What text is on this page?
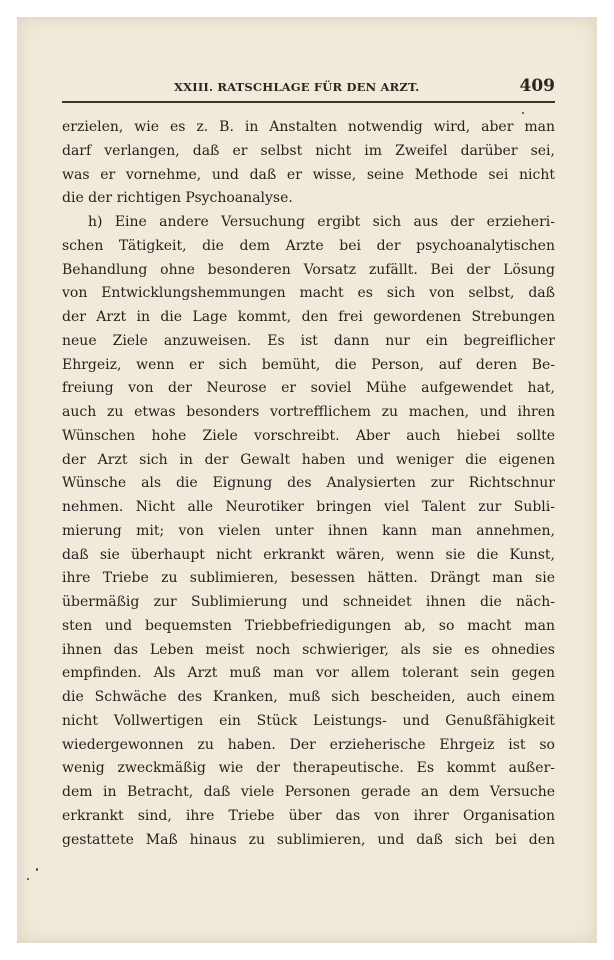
XXIII. RATSCHLAGE FÜR DEN ARZT.	409
erzielen, wie es z. B. in Anstalten notwendig wird, aber man
darf verlangen, daß er selbst nicht im Zweifel darüber sei,
was er vornehme, und daß er wisse, seine Methode sei nicht
die der richtigen Psychoanalyse.
h) Eine andere Versuchung ergibt sich aus der erzieheri-
schen Tätigkeit, die dem Arzte bei der psychoanalytischen
Behandlung ohne besonderen Vorsatz zufällt. Bei der Lösung
von Entwicklungshemmungen macht es sich von selbst, daß
der Arzt in die Lage kommt, den frei gewordenen Strebungen
neue Ziele anzuweisen. Es ist dann nur ein begreiflicher
Ehrgeiz, wenn er sich bemüht, die Person, auf deren Be-
freiung von der Neurose er soviel Mühe aufgewendet hat,
auch zu etwas besonders vortrefflichem zu machen, und ihren
Wünschen hohe Ziele vorschreibt. Aber auch hiebei sollte
der Arzt sich in der Gewalt haben und weniger die eigenen
Wünsche als die Eignung des Analysierten zur Richtschnur
nehmen. Nicht alle Neurotiker bringen viel Talent zur Subli-
mierung mit; von vielen unter ihnen kann man annehmen,
daß sie überhaupt nicht erkrankt wären, wenn sie die Kunst,
ihre Triebe zu sublimieren, besessen hätten. Drängt man sie
übermäßig zur Sublimierung und schneidet ihnen die näch-
sten und bequemsten Triebbefriedigungen ab, so macht man
ihnen das Leben meist noch schwieriger, als sie es ohnedies
empfinden. Als Arzt muß man vor allem tolerant sein gegen
die Schwäche des Kranken, muß sich bescheiden, auch einem
nicht Vollwertigen ein Stück Leistungs- und Genußfähigkeit
wiedergewonnen zu haben. Der erzieherische Ehrgeiz ist so
wenig zweckmäßig wie der therapeutische. Es kommt außer-
dem in Betracht, daß viele Personen gerade an dem Versuche
erkrankt sind, ihre Triebe über das von ihrer Organisation
gestattete Maß hinaus zu sublimieren, und daß sich bei den
